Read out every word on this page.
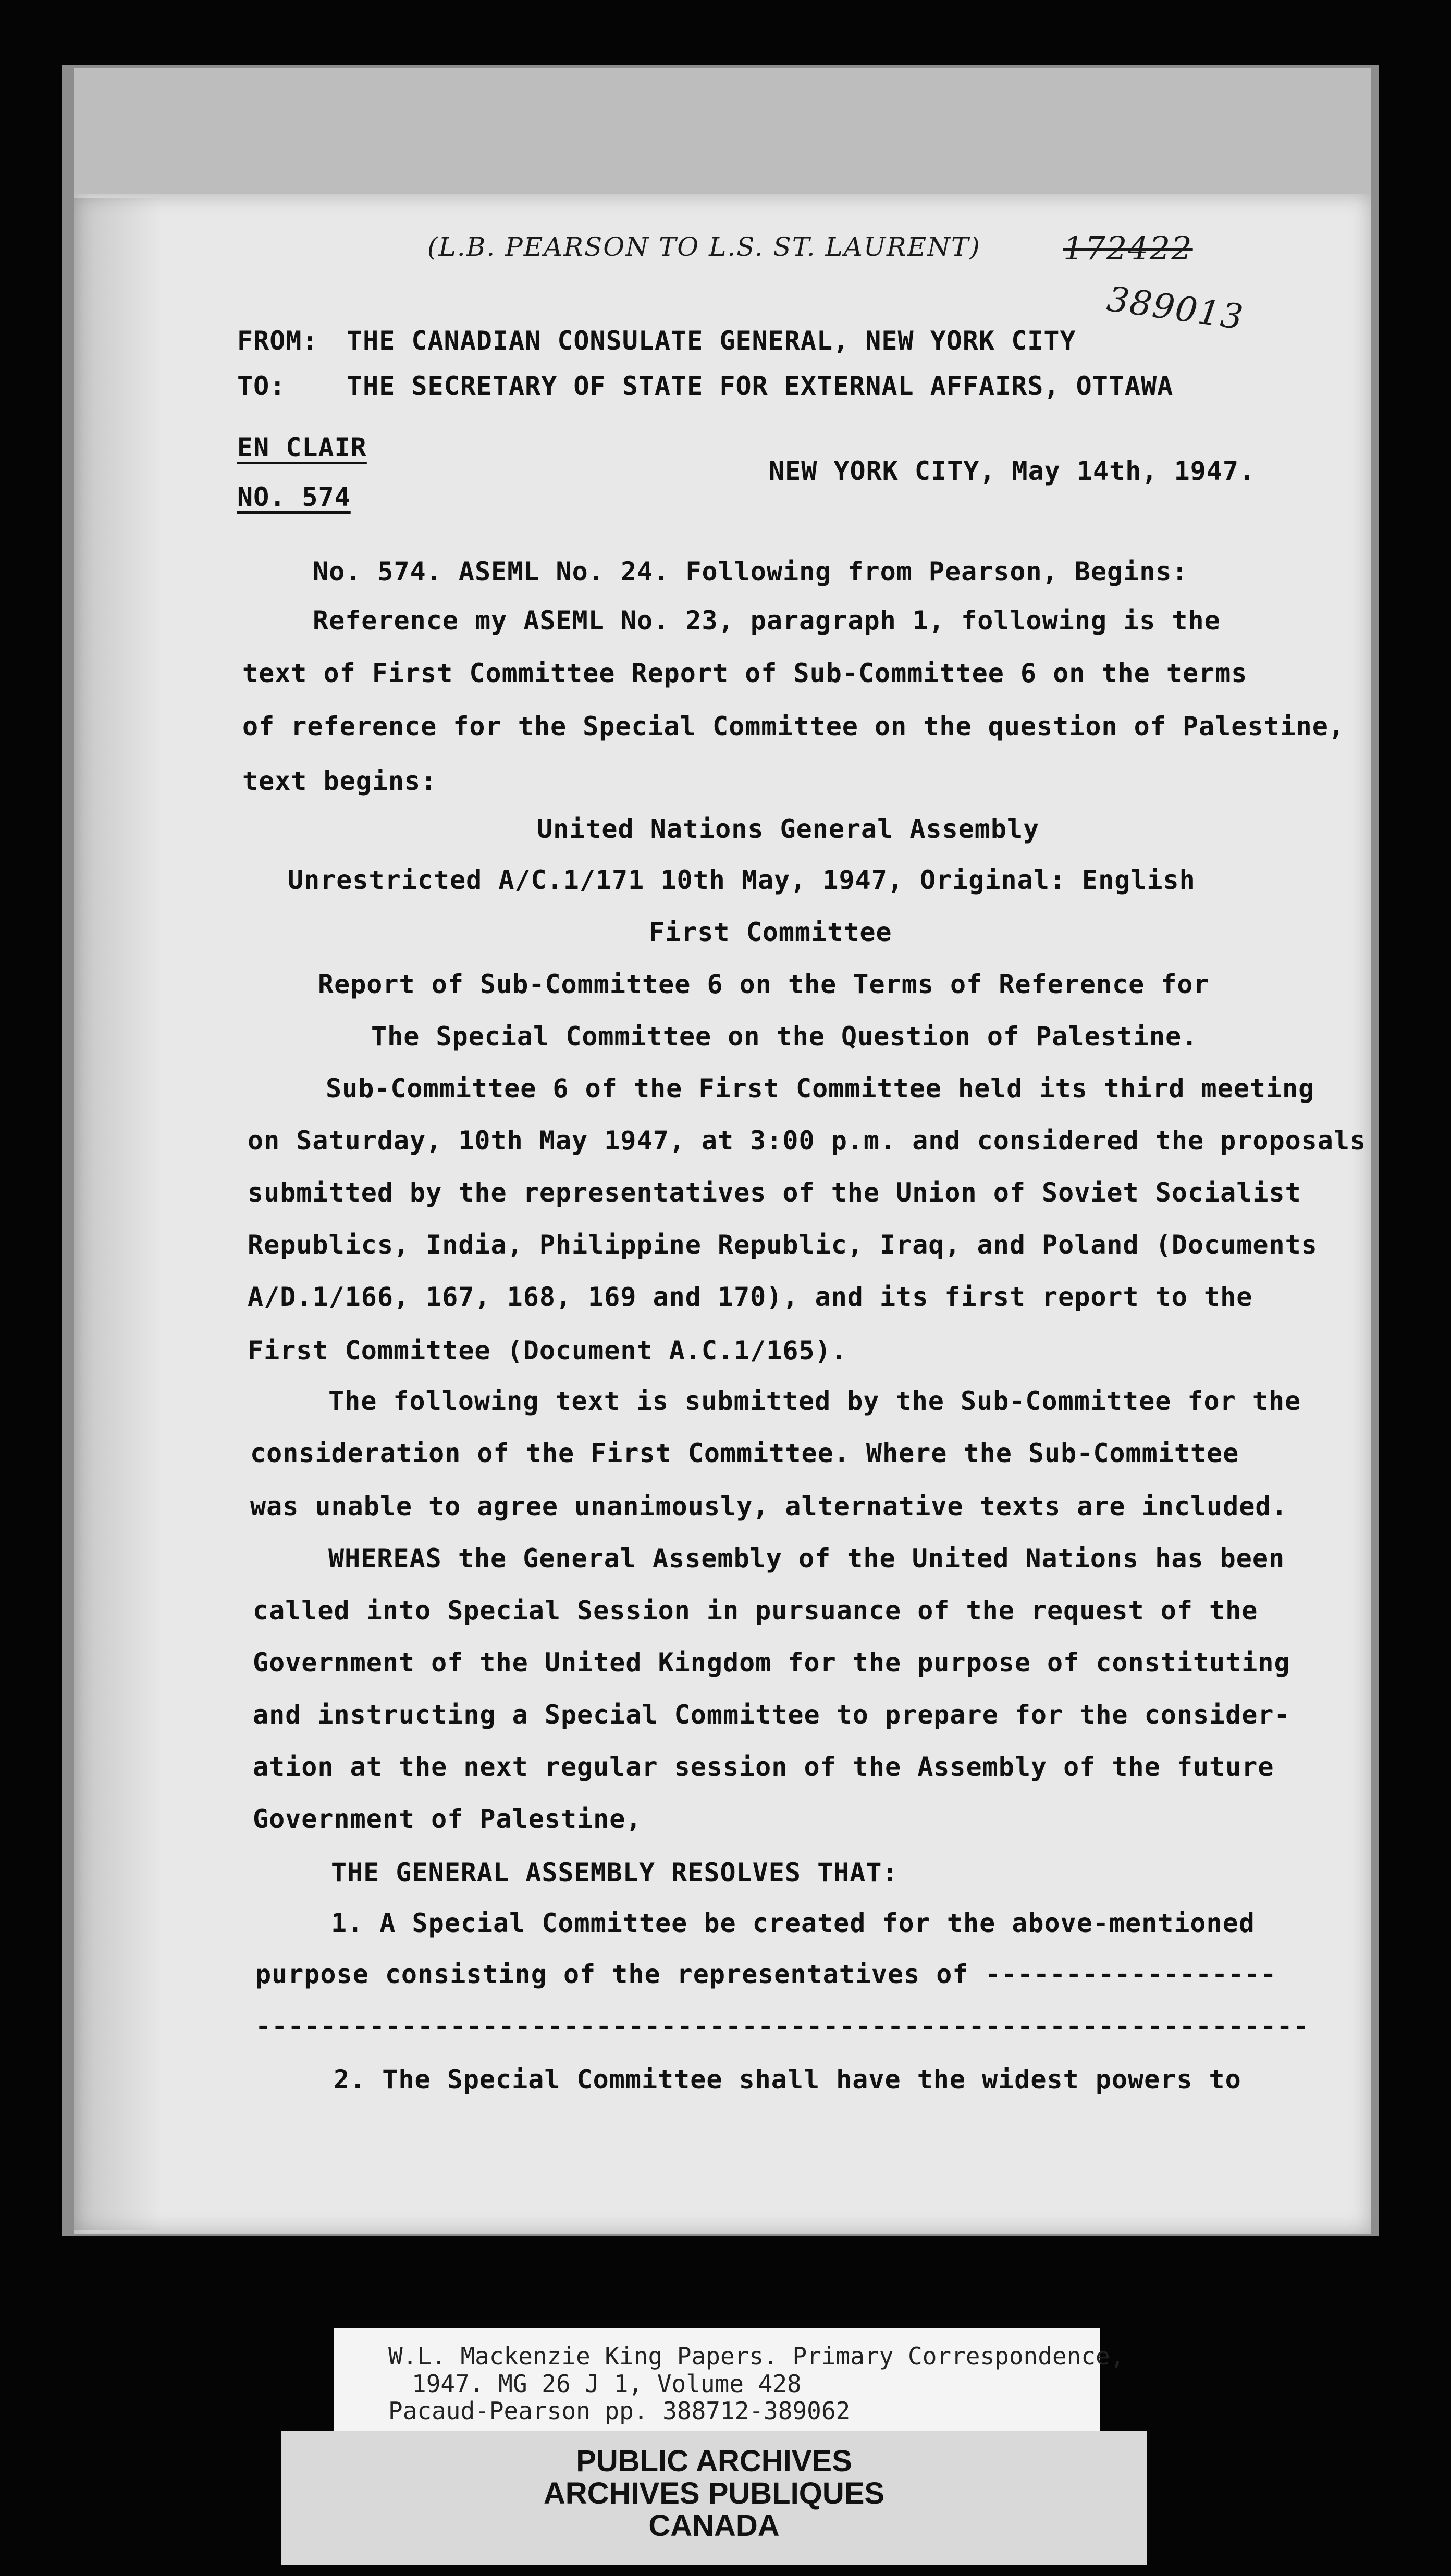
(L.B. PEARSON TO L.S. ST. LAURENT)	172422
389013
FROM: THE CANADIAN CONSULATE GENERAL, NEW YORK CITY
TO: THE SECRETARY OF STATE FOR EXTERNAL AFFAIRS, OTTAWA
EN CLAIR
NO. 574
NEW YORK CITY, May 14th, 1947.
No. 574. ASEML No. 24. Following from Pearson, Begins:
Reference my ASEML No. 23, paragraph 1, following is the
text of First Committee Report of Sub-Committee 6 on the terms
of reference for the Special Committee on the question of Palestine,
text begins:
United Nations General Assembly
Unrestricted A/C.1/171 10th May, 1947, Original: English
First Committee
Report of Sub-Committee 6 on the Terms of Reference for
The Special Committee on the Question of Palestine.
Sub-Committee 6 of the First Committee held its third meeting
on Saturday, 10th May 1947, at 3:00 p.m. and considered the proposals
submitted by the representatives of the Union of Soviet Socialist
Republics, India, Philippine Republic, Iraq, and Poland (Documents
A/D.1/166, 167, 168, 169 and 170), and its first report to the
First Committee (Document A.C.1/165).
The following text is submitted by the Sub-Committee for the
consideration of the First Committee. Where the Sub-Committee
was unable to agree unanimously, alternative texts are included.
WHEREAS the General Assembly of the United Nations has been
called into Special Session in pursuance of the request of the
Government of the United Kingdom for the purpose of constituting
and instructing a Special Committee to prepare for the consider-
ation at the next regular session of the Assembly of the future
Government of Palestine,
THE GENERAL ASSEMBLY RESOLVES THAT:
1. A Special Committee be created for the above-mentioned
purpose consisting of the representatives of ------------------
-----------------------------------------------------------------
2. The Special Committee shall have the widest powers to
W.L. Mackenzie King Papers. Primary Correspondence,
1947. MG 26 J 1, Volume 428
Pacaud-Pearson pp. 388712-389062
PUBLIC ARCHIVES
ARCHIVES PUBLIQUES
CANADA
